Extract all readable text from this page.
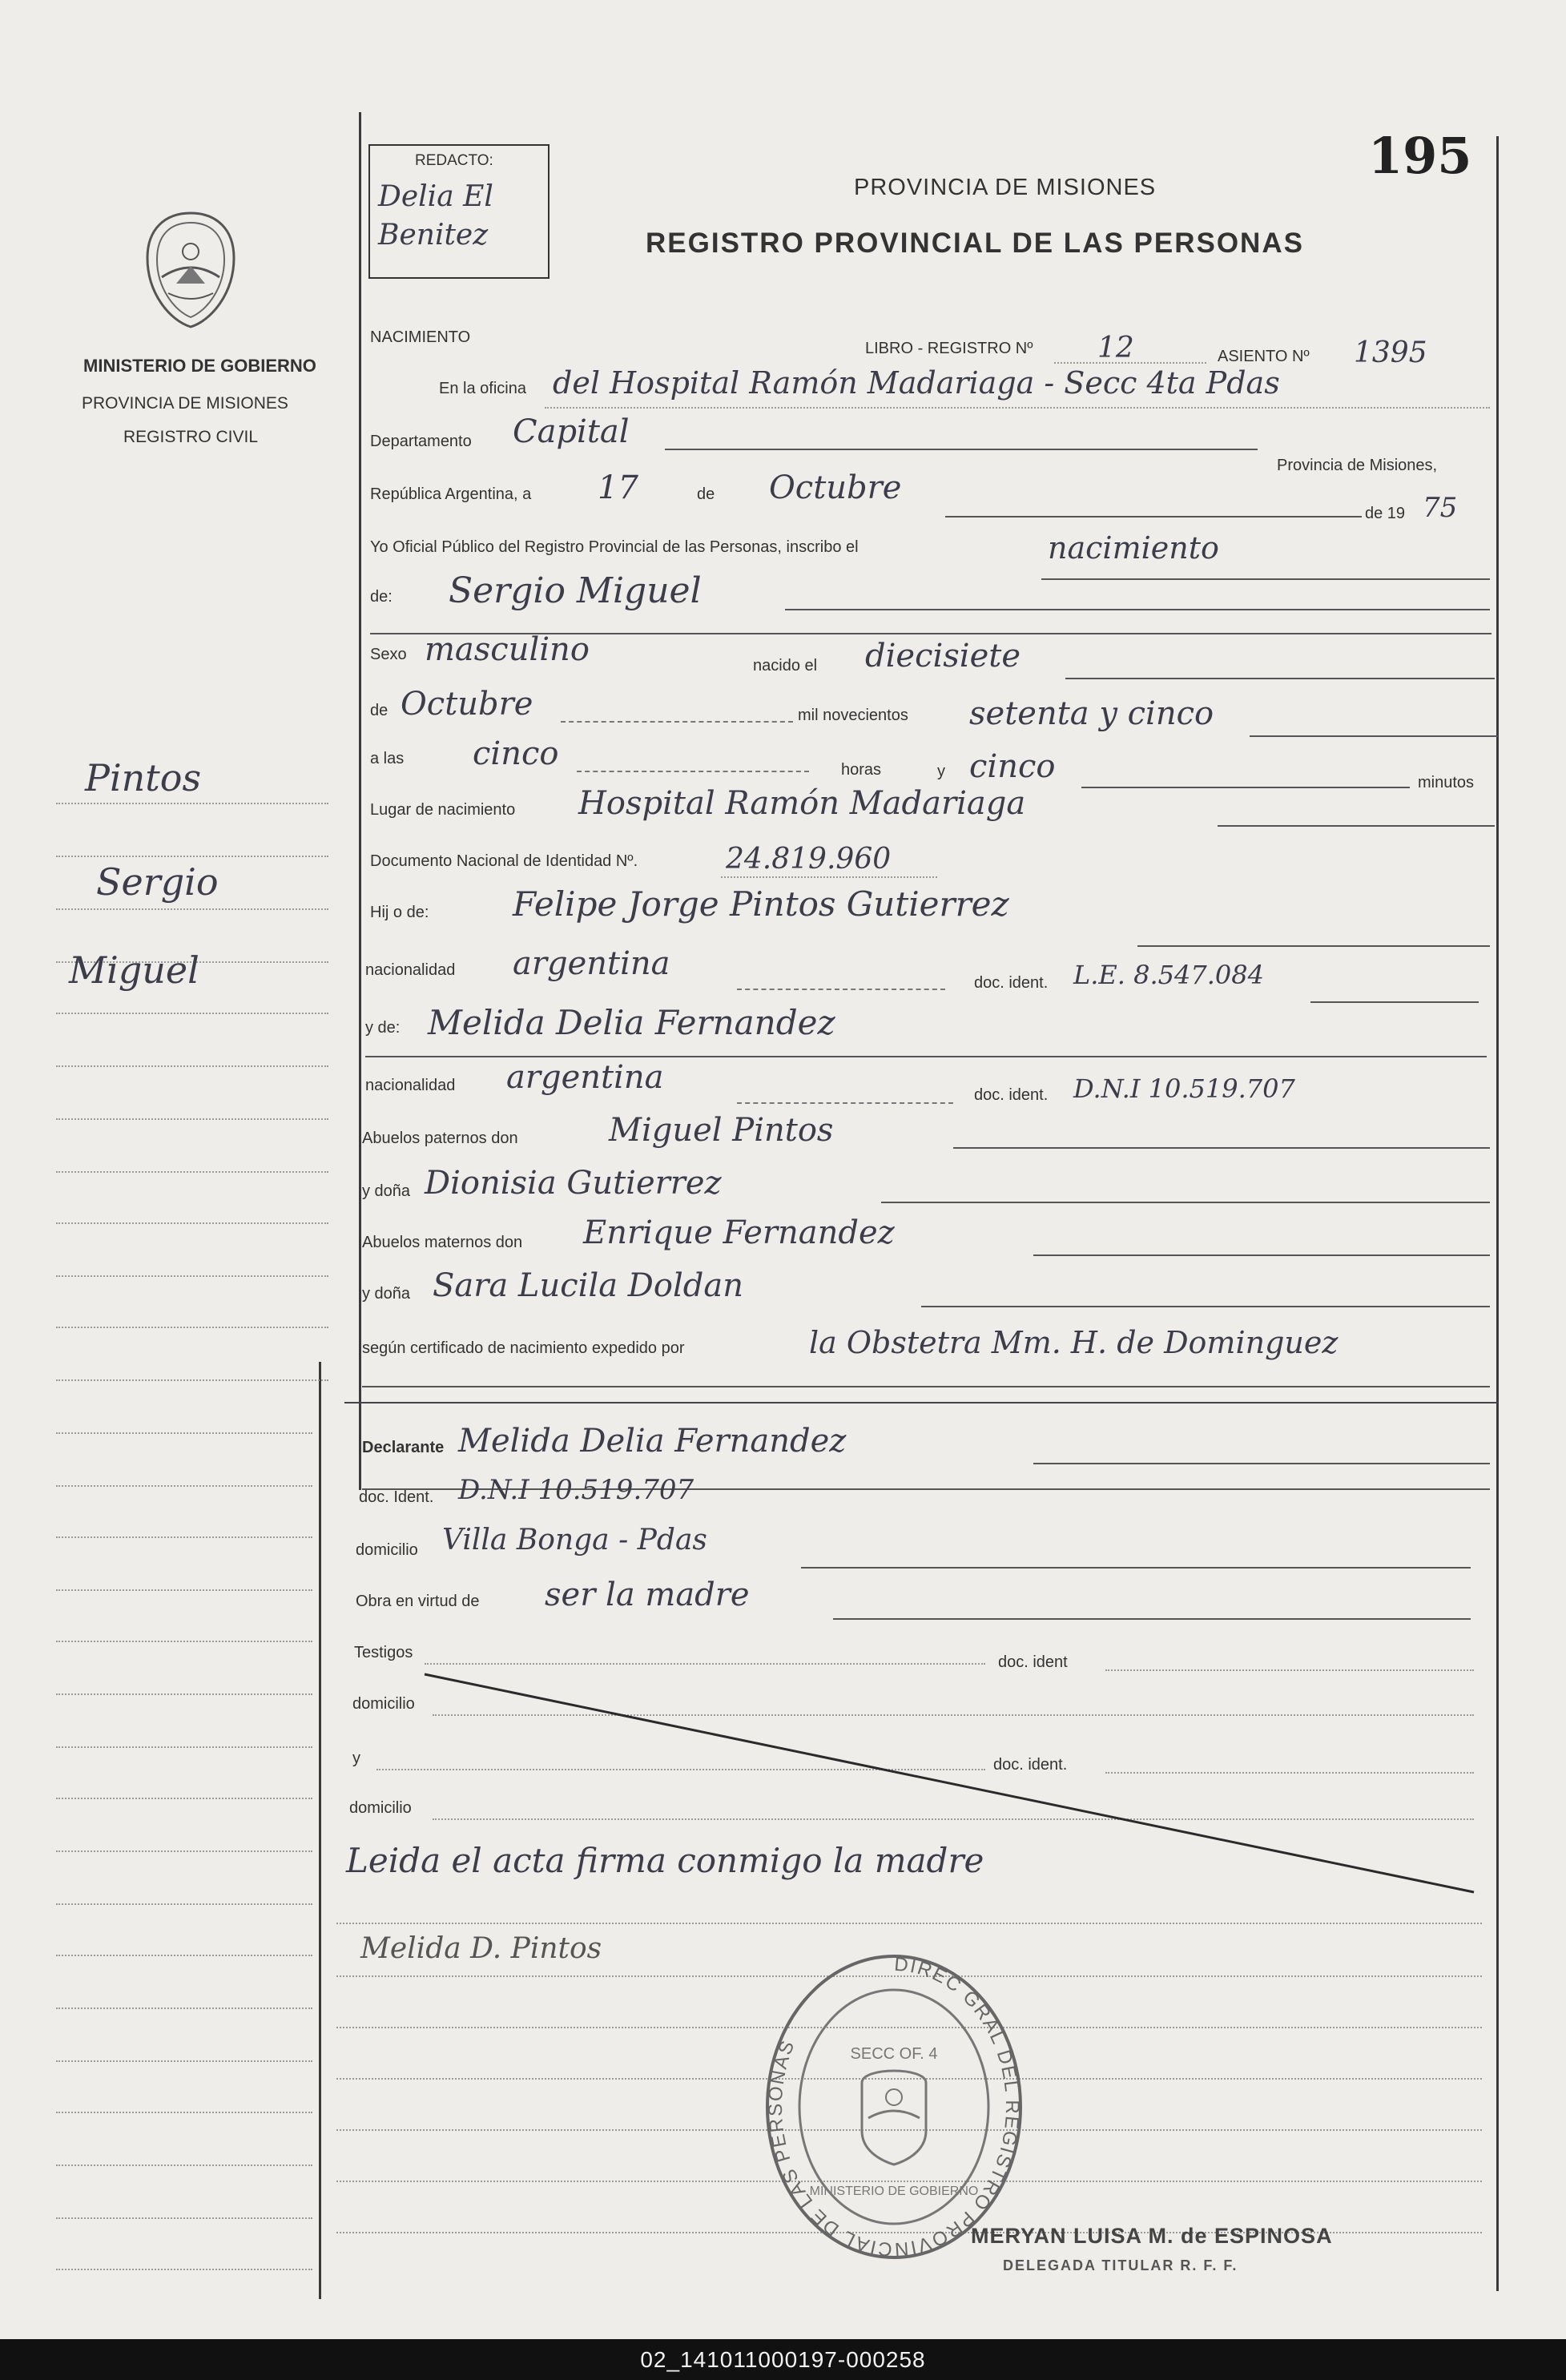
195
REDACTO:
Delia El Benitez
PROVINCIA DE MISIONES
REGISTRO PROVINCIAL DE LAS PERSONAS
MINISTERIO DE GOBIERNO
PROVINCIA DE MISIONES
REGISTRO CIVIL
NACIMIENTO
LIBRO - REGISTRO Nº 12	ASIENTO Nº 1395
En la oficina del Hospital Ramón Madariaga - Secc 4ta Pdas
Departamento Capital
Provincia de Misiones,
República Argentina, a 17	de Octubre
de 19 75
Yo Oficial Público del Registro Provincial de las Personas, inscribo el	nacimiento
de: Sergio Miguel
Sexo masculino	nacido el diecisiete
de Octubre	mil novecientos setenta y cinco
a las cinco	horas	y cinco	minutos
Lugar de nacimiento Hospital Ramón Madariaga
Documento Nacional de Identidad Nº.	24.819.960
Hij o de: Felipe Jorge Pintos Gutierrez
nacionalidad argentina
doc. ident. L.E. 8.547.084
y de: Melida Delia Fernandez
nacionalidad argentina	doc. ident. D.N.I 10.519.707
Abuelos paternos don	Miguel Pintos
y doña Dionisia Gutierrez
Abuelos maternos don Enrique Fernandez
y doña Sara Lucila Doldan
según certificado de nacimiento expedido por	la Obstetra Mm. H. de Dominguez
Declarante Melida Delia Fernandez
doc. Ident. D.N.I 10.519.707
domicilio Villa Bonga - Pdas
Obra en virtud de ser la madre
Testigos
doc. ident
domicilio
y	doc. ident.
domicilio
Leida el acta firma conmigo la madre
Melida D. Pintos
Pintos
Sergio
Miguel
DIREC GRAL DEL REGISTRO PROVINCIAL DE LAS PERSONAS	SECC OF. 4
MINISTERIO DE GOBIERNO
MERYAN LUISA M. de ESPINOSA
DELEGADA TITULAR R. F. F.
02_141011000197-000258
